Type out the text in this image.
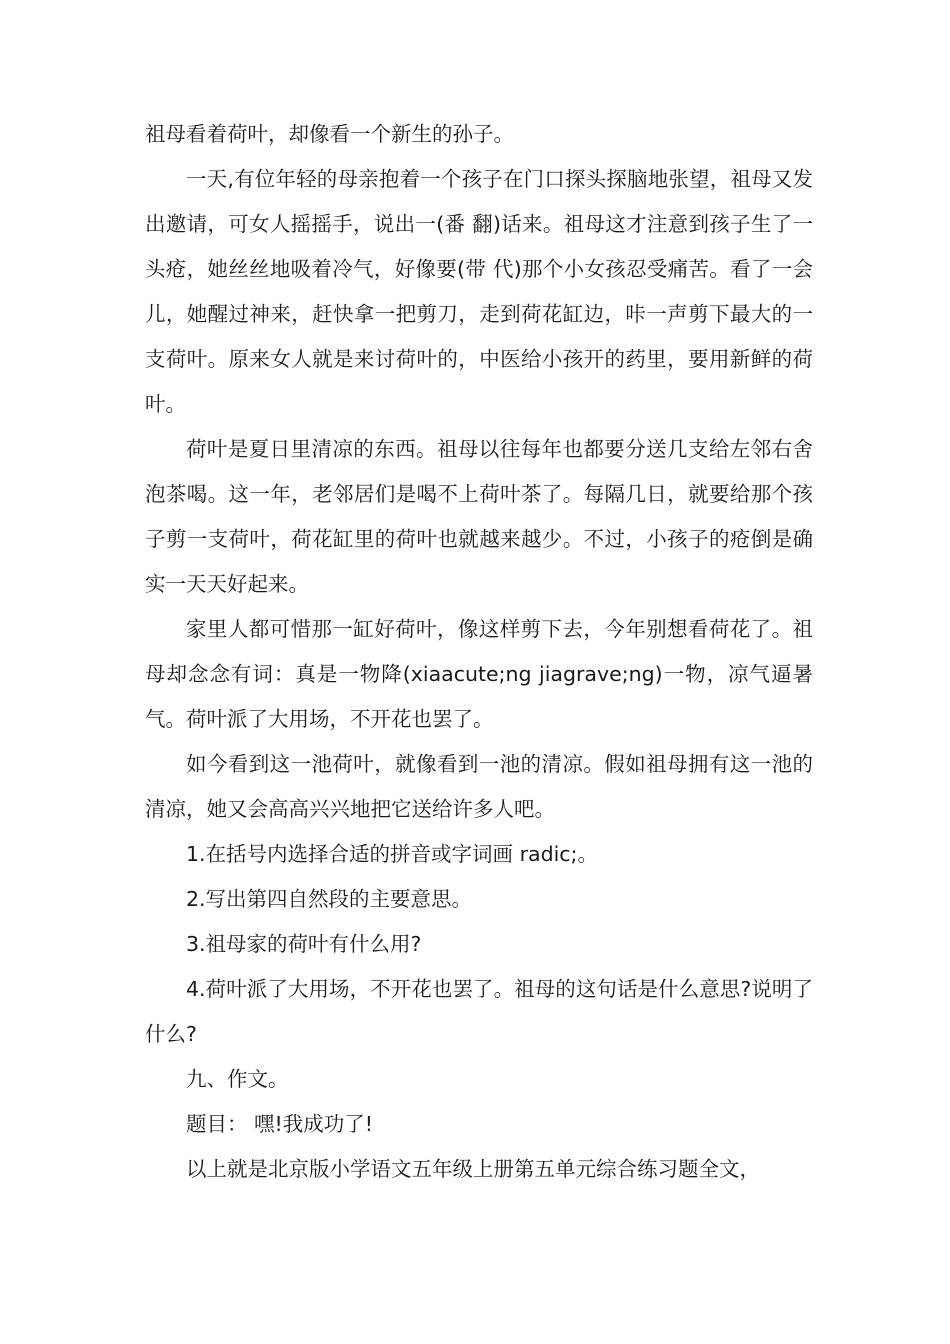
祖母看着荷叶，却像看一个新生的孙子。

一天,有位年轻的母亲抱着一个孩子在门口探头探脑地张望，祖母又发出邀请，可女人摇摇手，说出一(番 翻)话来。祖母这才注意到孩子生了一头疮，她丝丝地吸着冷气，好像要(带 代)那个小女孩忍受痛苦。看了一会儿，她醒过神来，赶快拿一把剪刀，走到荷花缸边，咔一声剪下最大的一支荷叶。原来女人就是来讨荷叶的，中医给小孩开的药里，要用新鲜的荷叶。

荷叶是夏日里清凉的东西。祖母以往每年也都要分送几支给左邻右舍泡茶喝。这一年，老邻居们是喝不上荷叶茶了。每隔几日，就要给那个孩子剪一支荷叶，荷花缸里的荷叶也就越来越少。不过，小孩子的疮倒是确实一天天好起来。

家里人都可惜那一缸好荷叶，像这样剪下去，今年别想看荷花了。祖母却念念有词：真是一物降(xiaacute;ng jiagrave;ng)一物，凉气逼暑气。荷叶派了大用场，不开花也罢了。

如今看到这一池荷叶，就像看到一池的清凉。假如祖母拥有这一池的清凉，她又会高高兴兴地把它送给许多人吧。

1.在括号内选择合适的拼音或字词画 radic;。

2.写出第四自然段的主要意思。

3.祖母家的荷叶有什么用?

4.荷叶派了大用场，不开花也罢了。祖母的这句话是什么意思?说明了什么?

九、作文。

题目： 嘿!我成功了!

以上就是北京版小学语文五年级上册第五单元综合练习题全文，
